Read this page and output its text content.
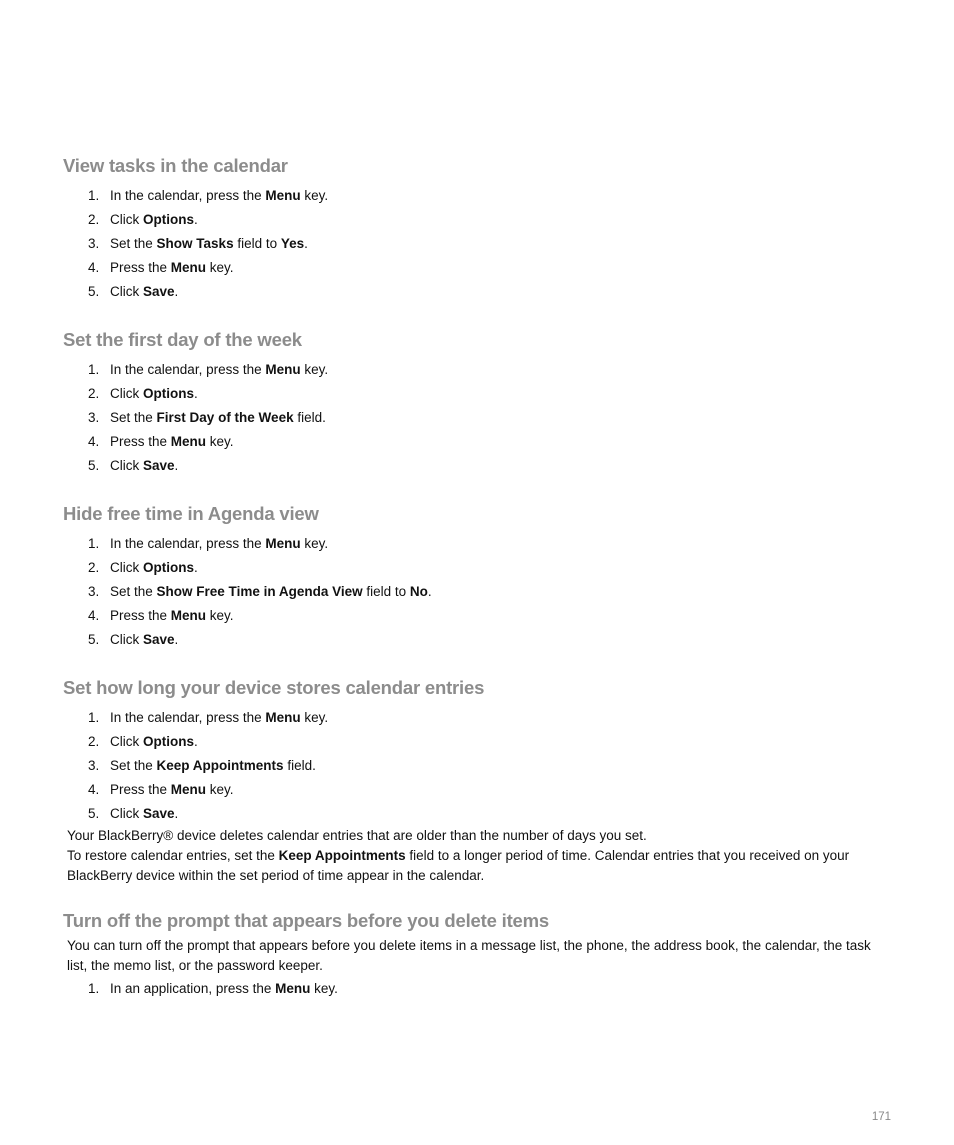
View tasks in the calendar
1. In the calendar, press the Menu key.
2. Click Options.
3. Set the Show Tasks field to Yes.
4. Press the Menu key.
5. Click Save.
Set the first day of the week
1. In the calendar, press the Menu key.
2. Click Options.
3. Set the First Day of the Week field.
4. Press the Menu key.
5. Click Save.
Hide free time in Agenda view
1. In the calendar, press the Menu key.
2. Click Options.
3. Set the Show Free Time in Agenda View field to No.
4. Press the Menu key.
5. Click Save.
Set how long your device stores calendar entries
1. In the calendar, press the Menu key.
2. Click Options.
3. Set the Keep Appointments field.
4. Press the Menu key.
5. Click Save.
Your BlackBerry® device deletes calendar entries that are older than the number of days you set.
To restore calendar entries, set the Keep Appointments field to a longer period of time. Calendar entries that you received on your BlackBerry device within the set period of time appear in the calendar.
Turn off the prompt that appears before you delete items
You can turn off the prompt that appears before you delete items in a message list, the phone, the address book, the calendar, the task list, the memo list, or the password keeper.
1. In an application, press the Menu key.
171
